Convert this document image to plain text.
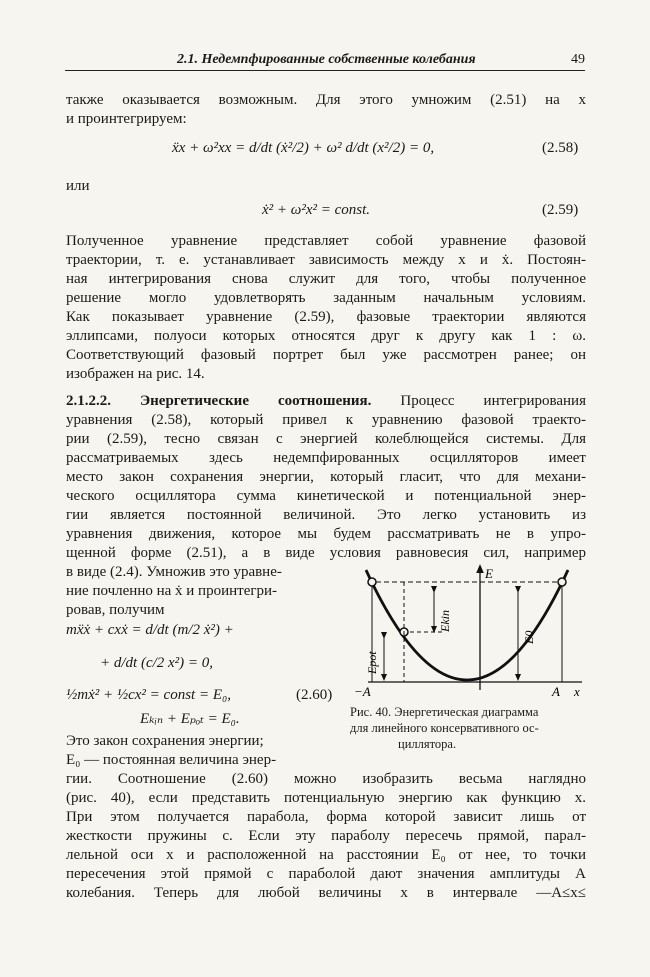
2.1. Недемпфированные собственные колебания	49
также оказывается возможным. Для этого умножим (2.51) на x
и проинтегрируем:
ẍx + ω²xx = d/dt (ẋ²/2) + ω² d/dt (x²/2) = 0,	(2.58)
или
ẋ² + ω²x² = const.	(2.59)
Полученное уравнение представляет собой уравнение фазовой
траектории, т. е. устанавливает зависимость между x и ẋ. Постоян-
ная интегрирования снова служит для того, чтобы полученное
решение могло удовлетворять заданным начальным условиям.
Как показывает уравнение (2.59), фазовые траектории являются
эллипсами, полуоси которых относятся друг к другу как 1 : ω.
Соответствующий фазовый портрет был уже рассмотрен ранее; он
изображен на рис. 14.
2.1.2.2. Энергетические соотношения. Процесс интегрирования
уравнения (2.58), который привел к уравнению фазовой траекто-
рии (2.59), тесно связан с энергией колеблющейся системы. Для
рассматриваемых здесь недемпфированных осцилляторов имеет
место закон сохранения энергии, который гласит, что для механи-
ческого осциллятора сумма кинетической и потенциальной энер-
гии является постоянной величиной. Это легко установить из
уравнения движения, которое мы будем рассматривать не в упро-
щенной форме (2.51), а в виде условия равновесия сил, например
в виде (2.4). Умножив это уравне-
ние почленно на ẋ и проинтегри-
ровав, получим
mẍẋ + cxẋ = d/dt (m/2 ẋ²) +
+ d/dt (c/2 x²) = 0,
½mẋ² + ½cx² = const = E₀,	(2.60)
Eₖᵢₙ + Eₚₒₜ = E₀.
Это закон сохранения энергии;
E₀ — постоянная величина энер-
гии. Соотношение (2.60) можно изобразить весьма наглядно
(рис. 40), если представить потенциальную энергию как функцию x.
При этом получается парабола, форма которой зависит лишь от
жесткости пружины c. Если эту параболу пересечь прямой, парал-
лельной оси x и расположенной на расстоянии E₀ от нее, то точки
пересечения этой прямой с параболой дают значения амплитуды A
колебания. Теперь для любой величины x в интервале —A≤x≤
E
Ekin
E0
Epot
−A	A x
Рис. 40. Энергетическая диаграмма
для линейного консервативного ос-
циллятора.
